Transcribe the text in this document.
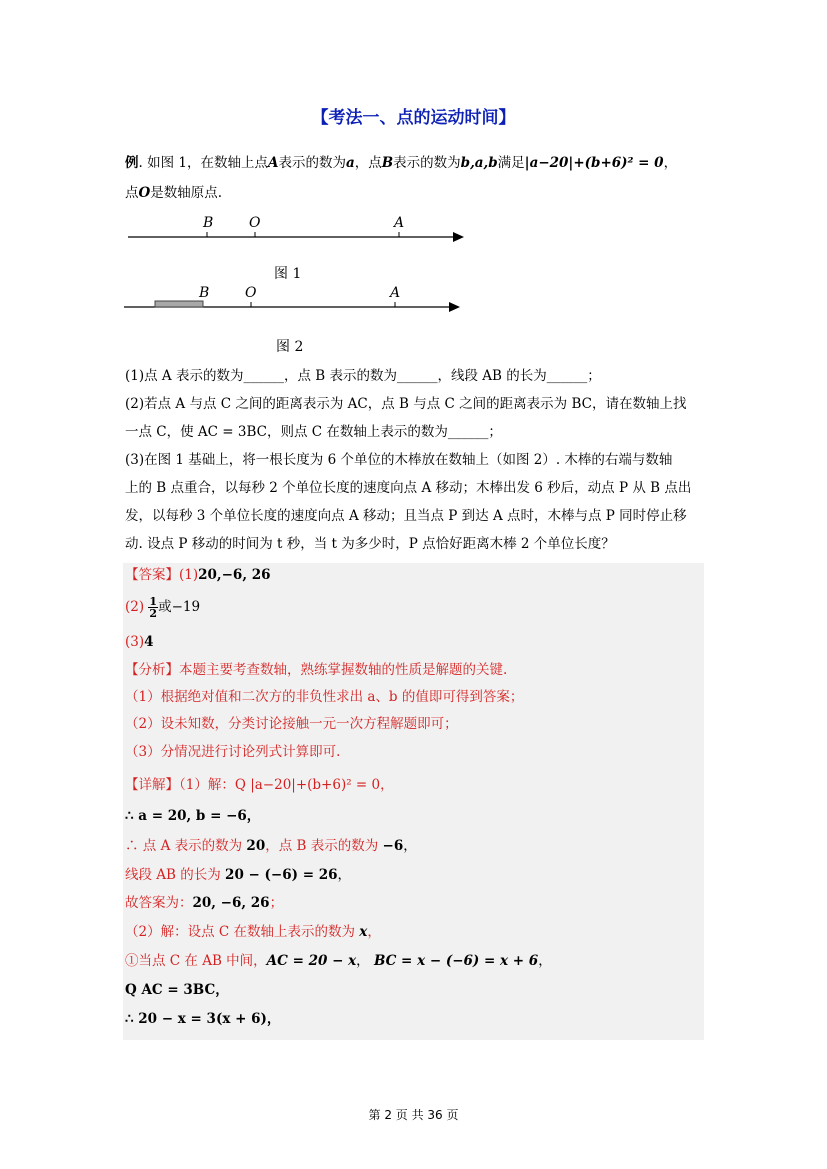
【考法一、点的运动时间】
例. 如图 1，在数轴上点A表示的数为a，点B表示的数为b,a,b满足|a−20|+(b+6)² = 0，
点O是数轴原点.
B	O	A
图 1
B	O	A
图 2
(1)点 A 表示的数为______，点 B 表示的数为______，线段 AB 的长为______；
(2)若点 A 与点 C 之间的距离表示为 AC，点 B 与点 C 之间的距离表示为 BC，请在数轴上找
一点 C，使 AC = 3BC，则点 C 在数轴上表示的数为______；
(3)在图 1 基础上，将一根长度为 6 个单位的木棒放在数轴上（如图 2）. 木棒的右端与数轴
上的 B 点重合，以每秒 2 个单位长度的速度向点 A 移动；木棒出发 6 秒后，动点 P 从 B 点出
发，以每秒 3 个单位长度的速度向点 A 移动；且当点 P 到达 A 点时，木棒与点 P 同时停止移
动. 设点 P 移动的时间为 t 秒，当 t 为多少时，P 点恰好距离木棒 2 个单位长度？
【答案】(1)20,−6, 26
$(2) \frac{1}{2}$ 或−19
(3)4
【分析】本题主要考查数轴，熟练掌握数轴的性质是解题的关键.
（1）根据绝对值和二次方的非负性求出 a、b 的值即可得到答案；
（2）设未知数，分类讨论接触一元一次方程解题即可；
（3）分情况进行讨论列式计算即可.
【详解】（1）解：Q |a−20|+(b+6)² = 0，
∴ a = 20, b = −6，
∴ 点 A 表示的数为 20，点 B 表示的数为 −6，
线段 AB 的长为 20 − (−6) = 26，
故答案为：20, −6, 26；
（2）解：设点 C 在数轴上表示的数为 x，
①当点 C 在 AB 中间，AC = 20 − x， BC = x − (−6) = x + 6，
Q AC = 3BC，
∴ 20 − x = 3(x + 6)，
第 2 页 共 36 页
